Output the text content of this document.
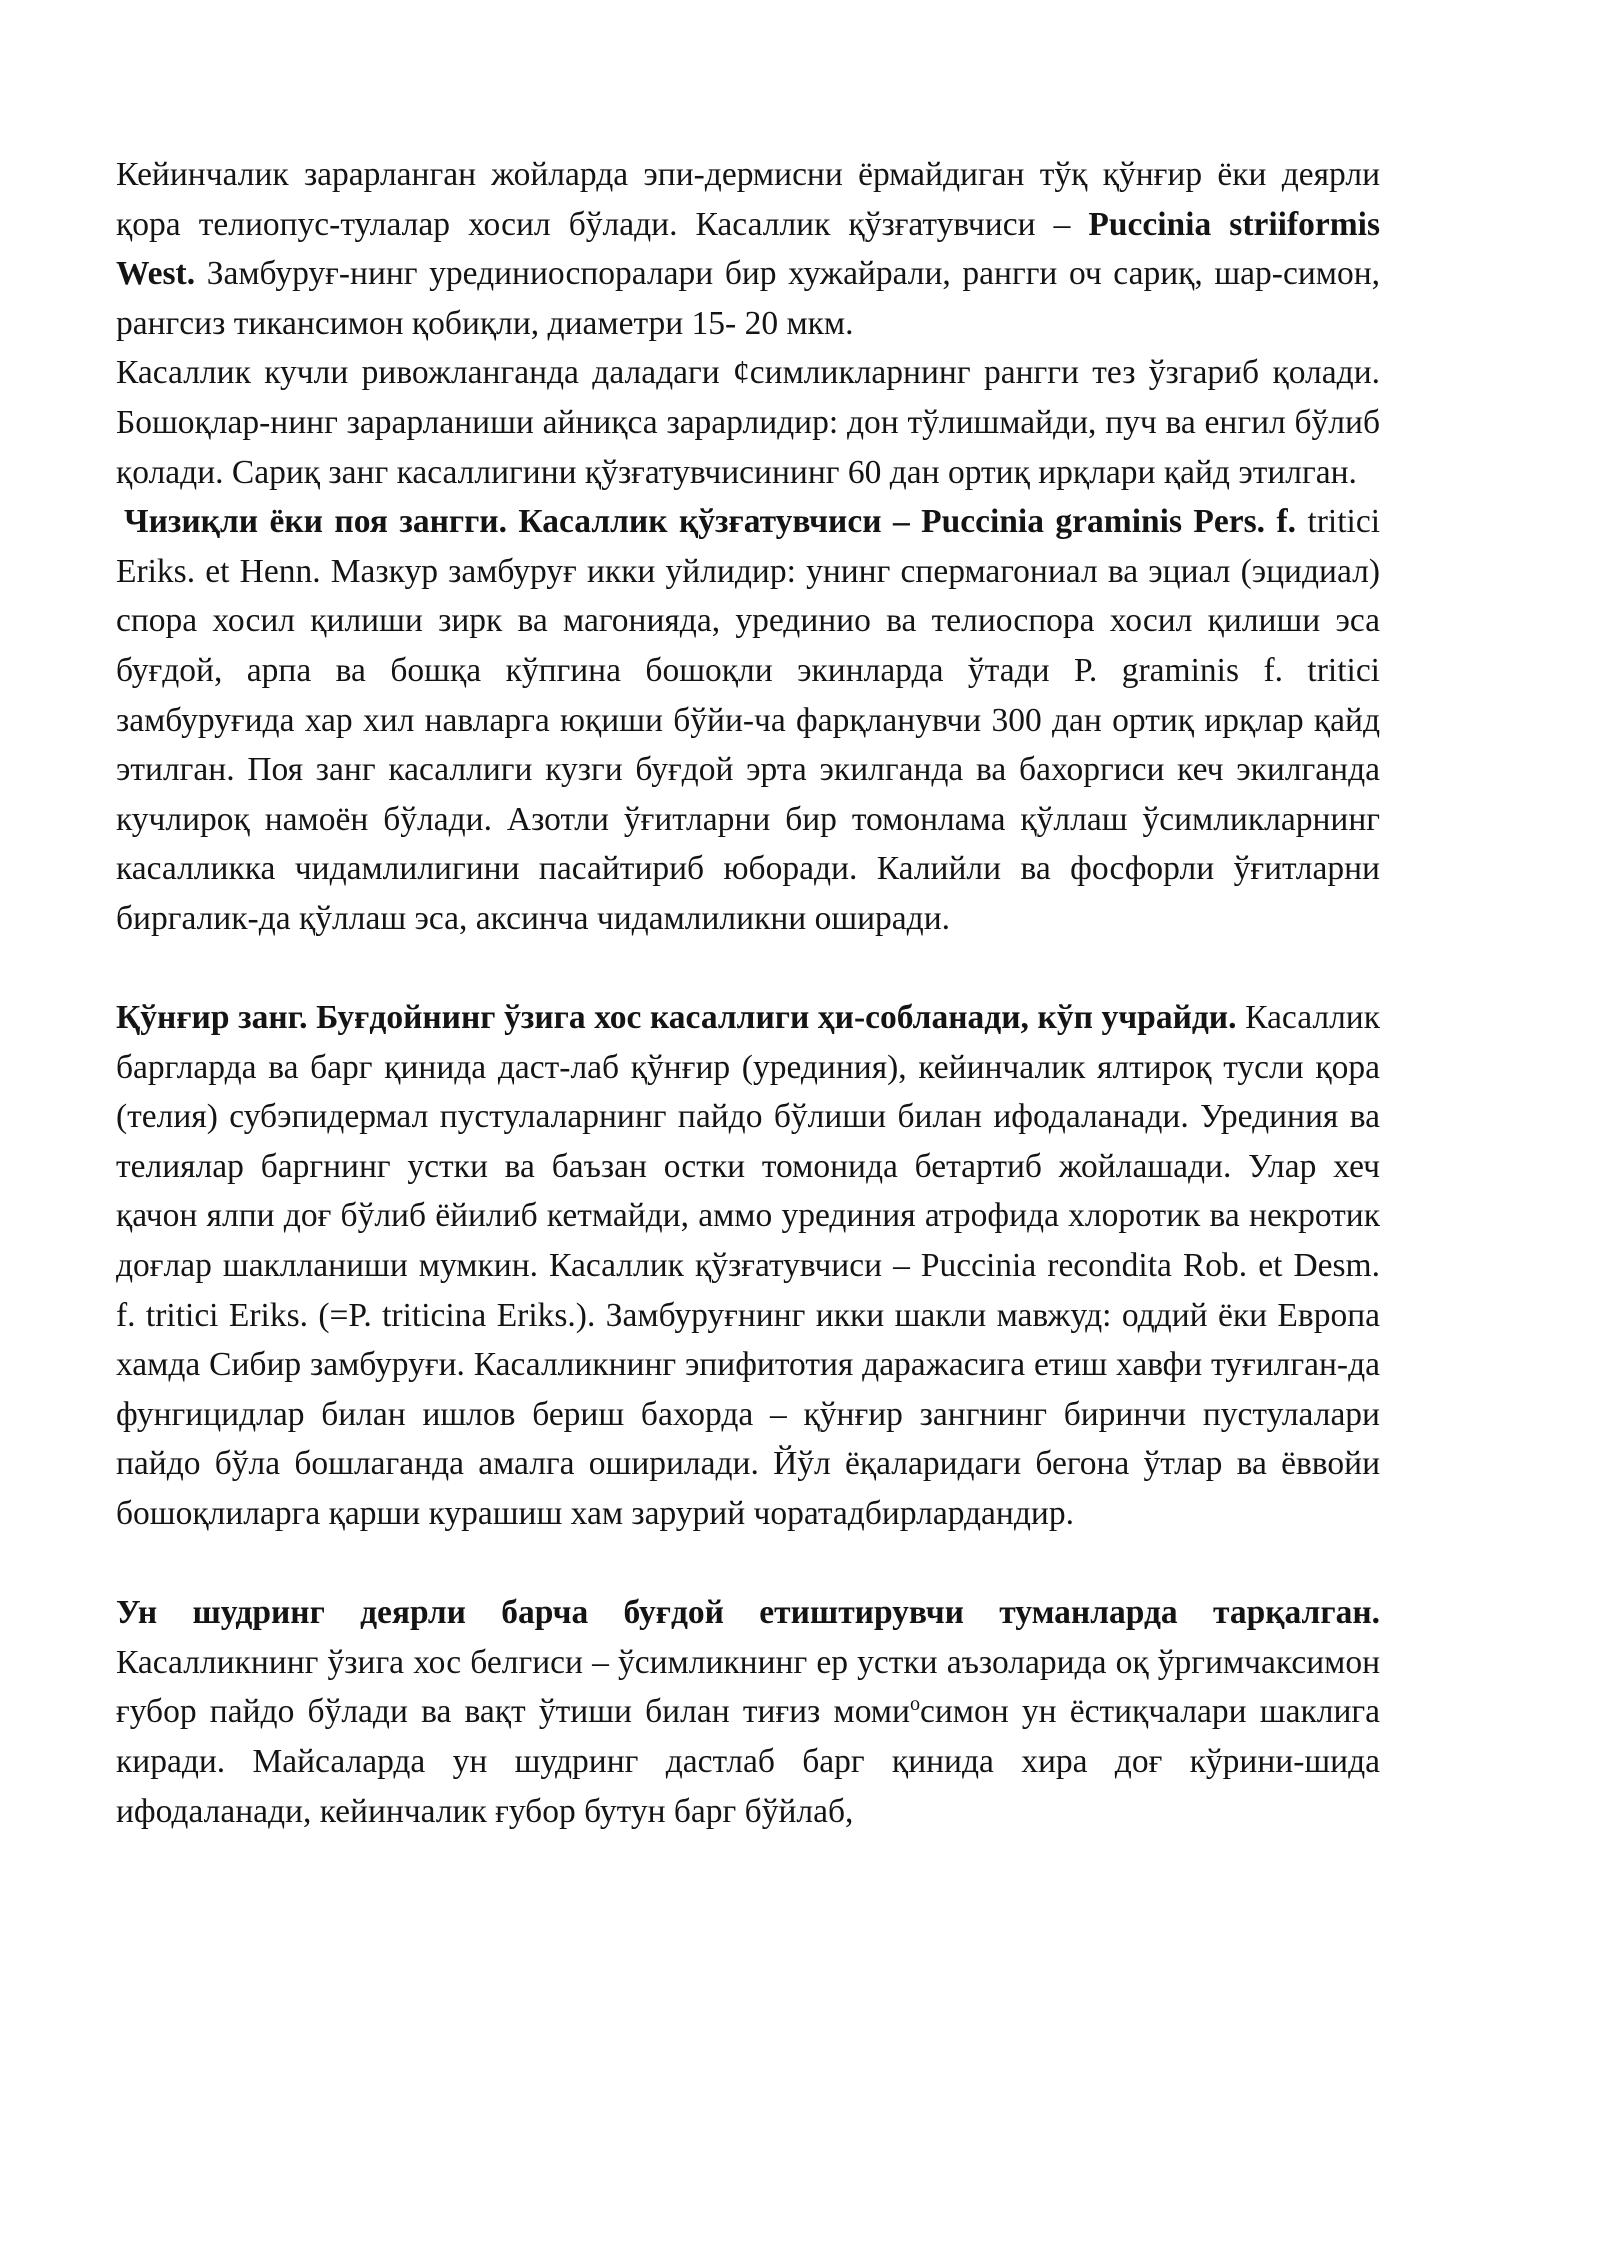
Кейинчалик зарарланган жойларда эпи-дермисни ёрмайдиган тўқ қўнғир ёки деярли қора телиопус-тулалар хосил бўлади. Касаллик қўзғатувчиси – Puccinia striiformis West. Замбуруғ-нинг урединиоспоралари бир хужайрали, рангги оч сариқ, шар-симон, рангсиз тикансимон қобиқли, диаметри 15- 20 мкм.

Касаллик кучли ривожланганда даладаги ¢симликларнинг рангги тез ўзгариб қолади. Бошоқлар-нинг зарарланиши айниқса зарарлидир: дон тўлишмайди, пуч ва енгил бўлиб қолади. Сариқ занг касаллигини қўзғатувчисининг 60 дан ортиқ ирқлари қайд этилган.

Чизиқли ёки поя зангги. Касаллик қўзғатувчиси – Puccinia graminis Pers. f. tritici Eriks. et Henn. Мазкур замбуруғ икки уйлидир: унинг спермагониал ва эциал (эцидиал) спора хосил қилиши зирк ва магонияда, урединио ва телиоспора хосил қилиши эса буғдой, арпа ва бошқа кўпгина бошоқли экинларда ўтади P. graminis f. tritici замбуруғида хар хил навларга юқиши бўйи-ча фарқланувчи 300 дан ортиқ ирқлар қайд этилган. Поя занг касаллиги кузги буғдой эрта экилганда ва бахоргиси кеч экилганда кучлироқ намоён бўлади. Азотли ўғитларни бир томонлама қўллаш ўсимликларнинг касалликка чидамлилигини пасайтириб юборади. Калийли ва фосфорли ўғитларни биргалик-да қўллаш эса, аксинча чидамлиликни оширади.

Қўнғир занг. Буғдойнинг ўзига хос касаллиги ҳи-собланади, кўп учрайди. Касаллик баргларда ва барг қинида даст-лаб қўнғир (урединия), кейинчалик ялтироқ тусли қора (телия) субэпидермал пустулаларнинг пайдо бўлиши билан ифодаланади. Урединия ва телиялар баргнинг устки ва баъзан остки томонида бетартиб жойлашади. Улар хеч қачон ялпи доғ бўлиб ёйилиб кетмайди, аммо урединия атрофида хлоротик ва некротик доғлар шаклланиши мумкин. Касаллик қўзғатувчиси – Puccinia recondita Rob. et Desm. f. tritici Eriks. (=P. triticina Eriks.). Замбуруғнинг икки шакли мавжуд: оддий ёки Европа хамда Сибир замбуруғи. Касалликнинг эпифитотия даражасига етиш хавфи туғилган-да фунгицидлар билан ишлов бериш бахорда – қўнғир зангнинг биринчи пустулалари пайдо бўла бошлаганда амалга оширилади. Йўл ёқаларидаги бегона ўтлар ва ёввойи бошоқлиларга қарши курашиш хам зарурий чоратадбирлардандир.

Ун шудринг деярли барча буғдой етиштирувчи туманларда тарқалган. Касалликнинг ўзига хос белгиси – ўсимликнинг ер устки аъзоларида оқ ўргимчаксимон ғубор пайдо бўлади ва вақт ўтиши билан тиғиз моми$^о$симон ун ёстиқчалари шаклига киради. Майсаларда ун шудринг дастлаб барг қинида хира доғ кўрини-шида ифодаланади, кейинчалик ғубор бутун барг бўйлаб,
